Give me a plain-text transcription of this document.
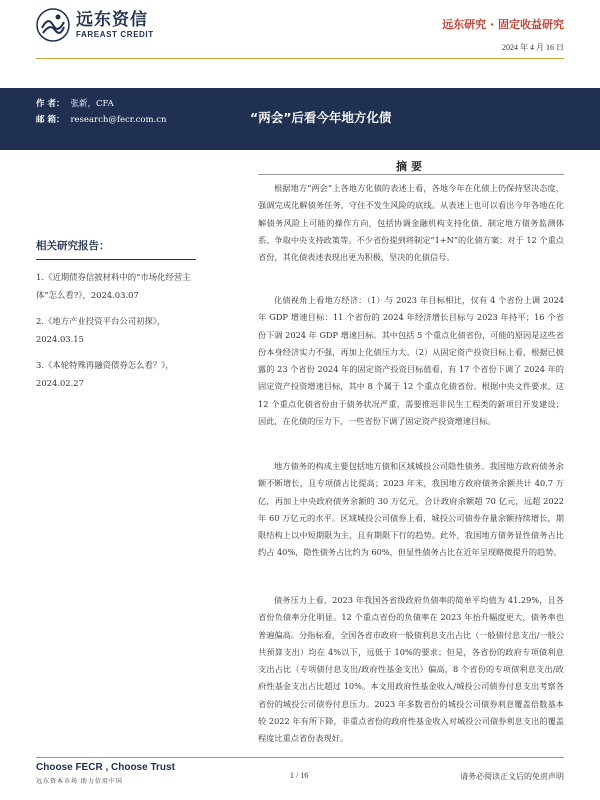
远东资信
FAREAST CREDIT
远东研究 · 固定收益研究
2024 年 4 月 16 日
作 者： 张新，CFA
邮 箱： research@fecr.com.cn	“两会”后看今年地方化债
相关研究报告：
1.《近期债券信披材料中的“市场化经营主体”怎么看?》，2024.03.07
2.《地方产业投资平台公司初探》，2024.03.15
3.《本轮特殊再融资债券怎么看？》，2024.02.27
摘要
根据地方“两会”上各地方化债的表述上看，各地今年在化债上仍保持坚决态度，强调完成化解债务任务，守住不发生风险的底线。从表述上也可以看出今年各地在化解债务风险上可能的操作方向，包括协调金融机构支持化债、制定地方债务监测体系、争取中央支持政策等。不少省份提到将制定“1+N”的化债方案；对于 12 个重点省份，其化债表述表现出更为积极、坚决的化债信号。
化债视角上看地方经济：（1）与 2023 年目标相比，仅有 4 个省份上调 2024 年 GDP 增速目标：11 个省份的 2024 年经济增长目标与 2023 年持平；16 个省份下调 2024 年 GDP 增速目标。其中包括 5 个重点化债省份，可能的原因是这些省份本身经济实力不强，再加上化债压力大。（2）从固定资产投资目标上看，根据已披露的 23 个省份 2024 年的固定资产投资目标值看，有 17 个省份下调了 2024 年的固定资产投资增速目标，其中 8 个属于 12 个重点化债省份。根据中央文件要求，这 12 个重点化债省份由于债务状况严重，需要推迟非民生工程类的新项目开发建设；因此，在化债的压力下，一些省份下调了固定资产投资增速目标。
地方债务的构成主要包括地方债和区域城投公司隐性债务。我国地方政府债务余额不断增长，且专项债占比提高；2023 年末，我国地方政府债务余额共计 40.7 万亿，再加上中央政府债务余额的 30 万亿元，合计政府余额超 70 亿元，远超 2022 年 60 万亿元的水平。区域城投公司债券上看，城投公司债券存量余额持续增长，期限结构上以中短期限为主，且有期限下行的趋势。此外，我国地方债务显性债务占比约占 40%，隐性债务占比约为 60%，但显性债务占比在近年呈现略微提升的趋势。
债务压力上看，2023 年我国各省级政府负债率的简单平均值为 41.29%，且各省份负债率分化明显。12 个重点省份的负债率在 2023 年抬升幅度更大，债务率也普遍偏高。分指标看，全国各省市政府一般债利息支出占比（一般债付息支出/一般公共预算支出）均在 4%以下，远低于 10%的要求；但是，各省份的政府专项债利息支出占比（专项债付息支出/政府性基金支出）偏高，8 个省份的专项债利息支出/政府性基金支出占比超过 10%。本文用政府性基金收入/城投公司债券付息支出考察各省份的城投公司债券付息压力。2023 年多数省份的城投公司债券利息覆盖倍数基本较 2022 年有所下降，非重点省份的政府性基金收入对城投公司债券利息支出的覆盖程度比重点省份表现好。
Choose FECR , Choose Trust
远东资本市场 助力信用中国
1 / 16	请务必阅读正文后的免责声明
